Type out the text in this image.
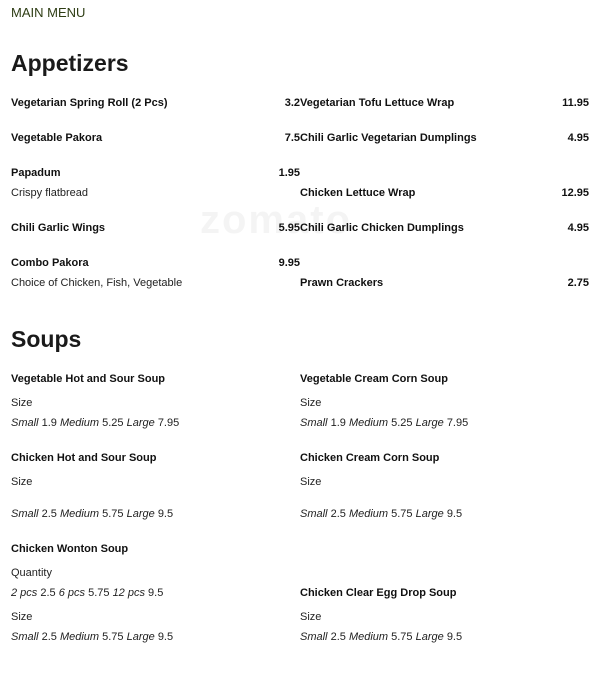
MAIN MENU
Appetizers
Vegetarian Spring Roll (2 Pcs)	3.2
Vegetable Pakora	7.5
Papadum	1.95
Crispy flatbread
Chili Garlic Wings	5.95
Combo Pakora	9.95
Choice of Chicken, Fish, Vegetable
Vegetarian Tofu Lettuce Wrap	11.95
Chili Garlic Vegetarian Dumplings	4.95
Chicken Lettuce Wrap	12.95
Chili Garlic Chicken Dumplings	4.95
Prawn Crackers	2.75
Soups
Vegetable Hot and Sour Soup
Size
Small 1.9 Medium 5.25 Large 7.95
Vegetable Cream Corn Soup
Size
Small 1.9 Medium 5.25 Large 7.95
Chicken Hot and Sour Soup
Size
Small 2.5 Medium 5.75 Large 9.5
Chicken Cream Corn Soup
Size
Small 2.5 Medium 5.75 Large 9.5
Chicken Wonton Soup
Quantity
2 pcs 2.5 6 pcs 5.75 12 pcs 9.5
Size
Small 2.5 Medium 5.75 Large 9.5
Chicken Clear Egg Drop Soup
Size
Small 2.5 Medium 5.75 Large 9.5
